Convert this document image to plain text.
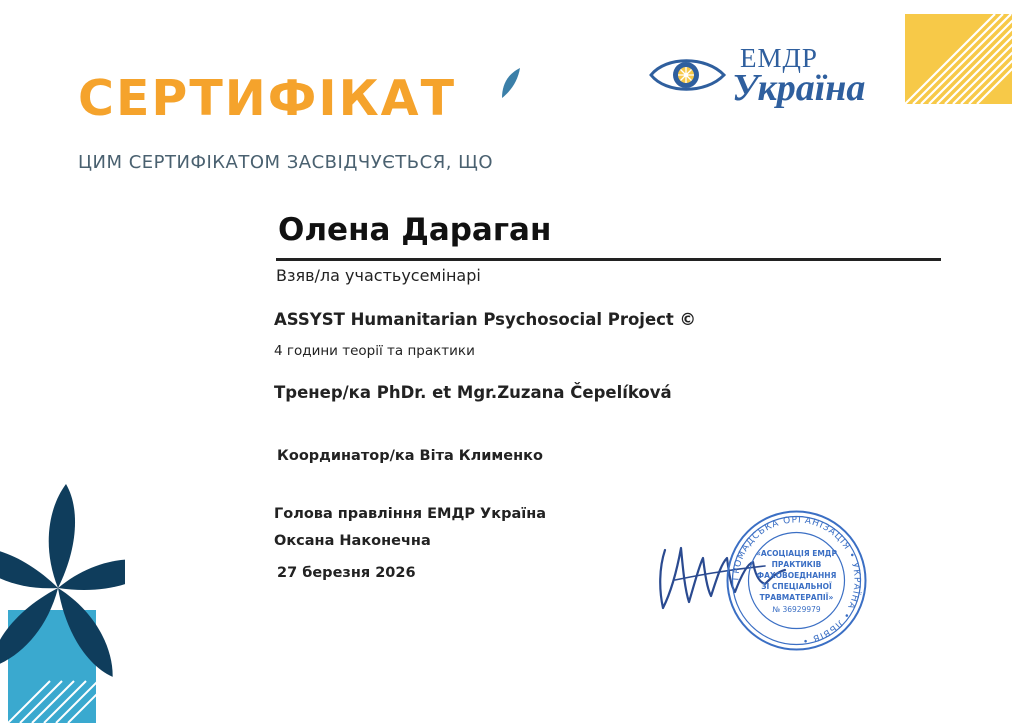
СЕРТИФІКАТ
ЦИМ СЕРТИФІКАТОМ ЗАСВІДЧУЄТЬСЯ, ЩО
ЕМДР
Україна
Олена Дараган
Взяв/ла участьусемінарі
ASSYST Humanitarian Psychosocial Project ©
4 години теорії та практики
Тренер/ка PhDr. et Mgr.Zuzana Čepelíková
Координатор/ка Віта Клименко
Голова правління ЕМДР Україна
Оксана Наконечна
27 березня 2026	ГРОМАДСЬКА ОРГАНІЗАЦІЯ • УКРАЇНА • ЛЬВІВ •
«АСОЦІАЦІЯ ЕМДР
ПРАКТИКІВ
ФАХОВОЕДНАННЯ
ЗІ СПЕЦІАЛЬНОЇ
ТРАВМАТЕРАПІЇ»
№ 36929979
